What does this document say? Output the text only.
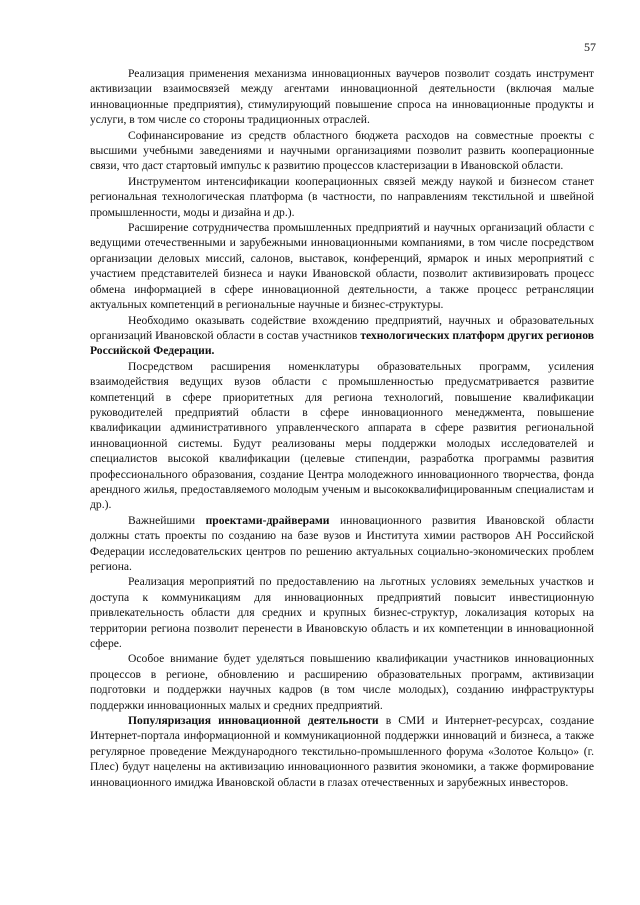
57

Реализация применения механизма инновационных ваучеров позволит создать инструмент активизации взаимосвязей между агентами инновационной деятельности (включая малые инновационные предприятия), стимулирующий повышение спроса на инновационные продукты и услуги, в том числе со стороны традиционных отраслей.

Софинансирование из средств областного бюджета расходов на совместные проекты с высшими учебными заведениями и научными организациями позволит развить кооперационные связи, что даст стартовый импульс к развитию процессов кластеризации в Ивановской области.

Инструментом интенсификации кооперационных связей между наукой и бизнесом станет региональная технологическая платформа (в частности, по направлениям текстильной и швейной промышленности, моды и дизайна и др.).

Расширение сотрудничества промышленных предприятий и научных организаций области с ведущими отечественными и зарубежными инновационными компаниями, в том числе посредством организации деловых миссий, салонов, выставок, конференций, ярмарок и иных мероприятий с участием представителей бизнеса и науки Ивановской области, позволит активизировать процесс обмена информацией в сфере инновационной деятельности, а также процесс ретрансляции актуальных компетенций в региональные научные и бизнес-структуры.

Необходимо оказывать содействие вхождению предприятий, научных и образовательных организаций Ивановской области в состав участников технологических платформ других регионов Российской Федерации.

Посредством расширения номенклатуры образовательных программ, усиления взаимодействия ведущих вузов области с промышленностью предусматривается развитие компетенций в сфере приоритетных для региона технологий, повышение квалификации руководителей предприятий области в сфере инновационного менеджмента, повышение квалификации административного управленческого аппарата в сфере развития региональной инновационной системы. Будут реализованы меры поддержки молодых исследователей и специалистов высокой квалификации (целевые стипендии, разработка программы развития профессионального образования, создание Центра молодежного инновационного творчества, фонда арендного жилья, предоставляемого молодым ученым и высококвалифицированным специалистам и др.).

Важнейшими проектами-драйверами инновационного развития Ивановской области должны стать проекты по созданию на базе вузов и Института химии растворов АН Российской Федерации исследовательских центров по решению актуальных социально-экономических проблем региона.

Реализация мероприятий по предоставлению на льготных условиях земельных участков и доступа к коммуникациям для инновационных предприятий повысит инвестиционную привлекательность области для средних и крупных бизнес-структур, локализация которых на территории региона позволит перенести в Ивановскую область и их компетенции в инновационной сфере.

Особое внимание будет уделяться повышению квалификации участников инновационных процессов в регионе, обновлению и расширению образовательных программ, активизации подготовки и поддержки научных кадров (в том числе молодых), созданию инфраструктуры поддержки инновационных малых и средних предприятий.

Популяризация инновационной деятельности в СМИ и Интернет-ресурсах, создание Интернет-портала информационной и коммуникационной поддержки инноваций и бизнеса, а также регулярное проведение Международного текстильно-промышленного форума «Золотое Кольцо» (г. Плес) будут нацелены на активизацию инновационного развития экономики, а также формирование инновационного имиджа Ивановской области в глазах отечественных и зарубежных инвесторов.
